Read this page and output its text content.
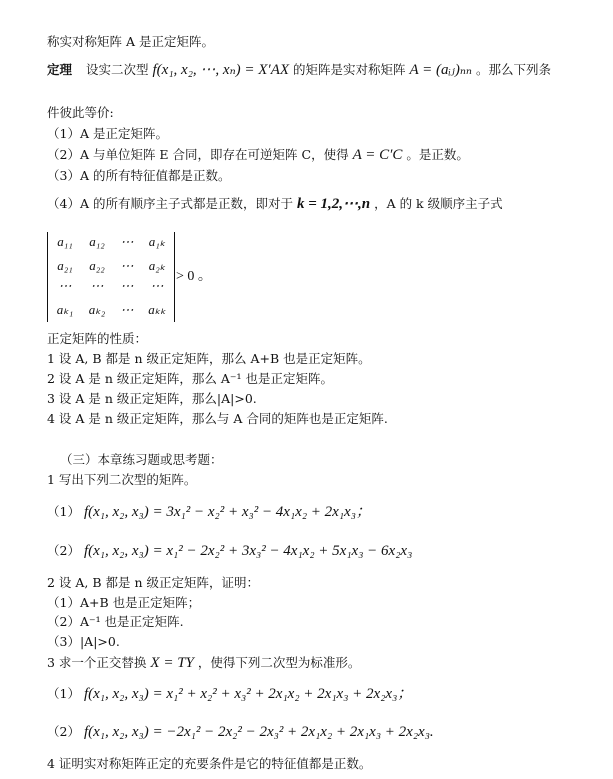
称实对称矩阵 A 是正定矩阵。
定理 设实二次型 f(x₁, x₂, ⋯, xₙ) = X′AX 的矩阵是实对称矩阵 A = (aᵢⱼ)ₙₙ 。那么下列条
件彼此等价:
（1）A 是正定矩阵。
（2）A 与单位矩阵 E 合同，即存在可逆矩阵 C，使得 A = C′C 。是正数。
（3）A 的所有特征值都是正数。
（4）A 的所有顺序主子式都是正数，即对于 k = 1,2,⋯,n ，A 的 k 级顺序主子式
a₁₁	a₁₂	⋯	a₁ₖ
a₂₁	a₂₂	⋯	a₂ₖ
⋯	⋯	⋯	⋯
aₖ₁	aₖ₂	⋯	aₖₖ
> 0 。
正定矩阵的性质：
1 设 A, B 都是 n 级正定矩阵，那么 A+B 也是正定矩阵。
2 设 A 是 n 级正定矩阵，那么 A⁻¹ 也是正定矩阵。
3 设 A 是 n 级正定矩阵，那么|A|>0.
4 设 A 是 n 级正定矩阵，那么与 A 合同的矩阵也是正定矩阵.
（三）本章练习题或思考题：
1 写出下列二次型的矩阵。
（1） f(x₁, x₂, x₃) = 3x₁² − x₂² + x₃² − 4x₁x₂ + 2x₁x₃；
（2） f(x₁, x₂, x₃) = x₁² − 2x₂² + 3x₃² − 4x₁x₂ + 5x₁x₃ − 6x₂x₃
2 设 A, B 都是 n 级正定矩阵，证明：
（1）A+B 也是正定矩阵；
（2）A⁻¹ 也是正定矩阵.
（3）|A|>0.
3 求一个正交替换 X = TY ，使得下列二次型为标准形。
（1） f(x₁, x₂, x₃) = x₁² + x₂² + x₃² + 2x₁x₂ + 2x₁x₃ + 2x₂x₃；
（2） f(x₁, x₂, x₃) = −2x₁² − 2x₂² − 2x₃² + 2x₁x₂ + 2x₁x₃ + 2x₂x₃.
4 证明实对称矩阵正定的充要条件是它的特征值都是正数。
